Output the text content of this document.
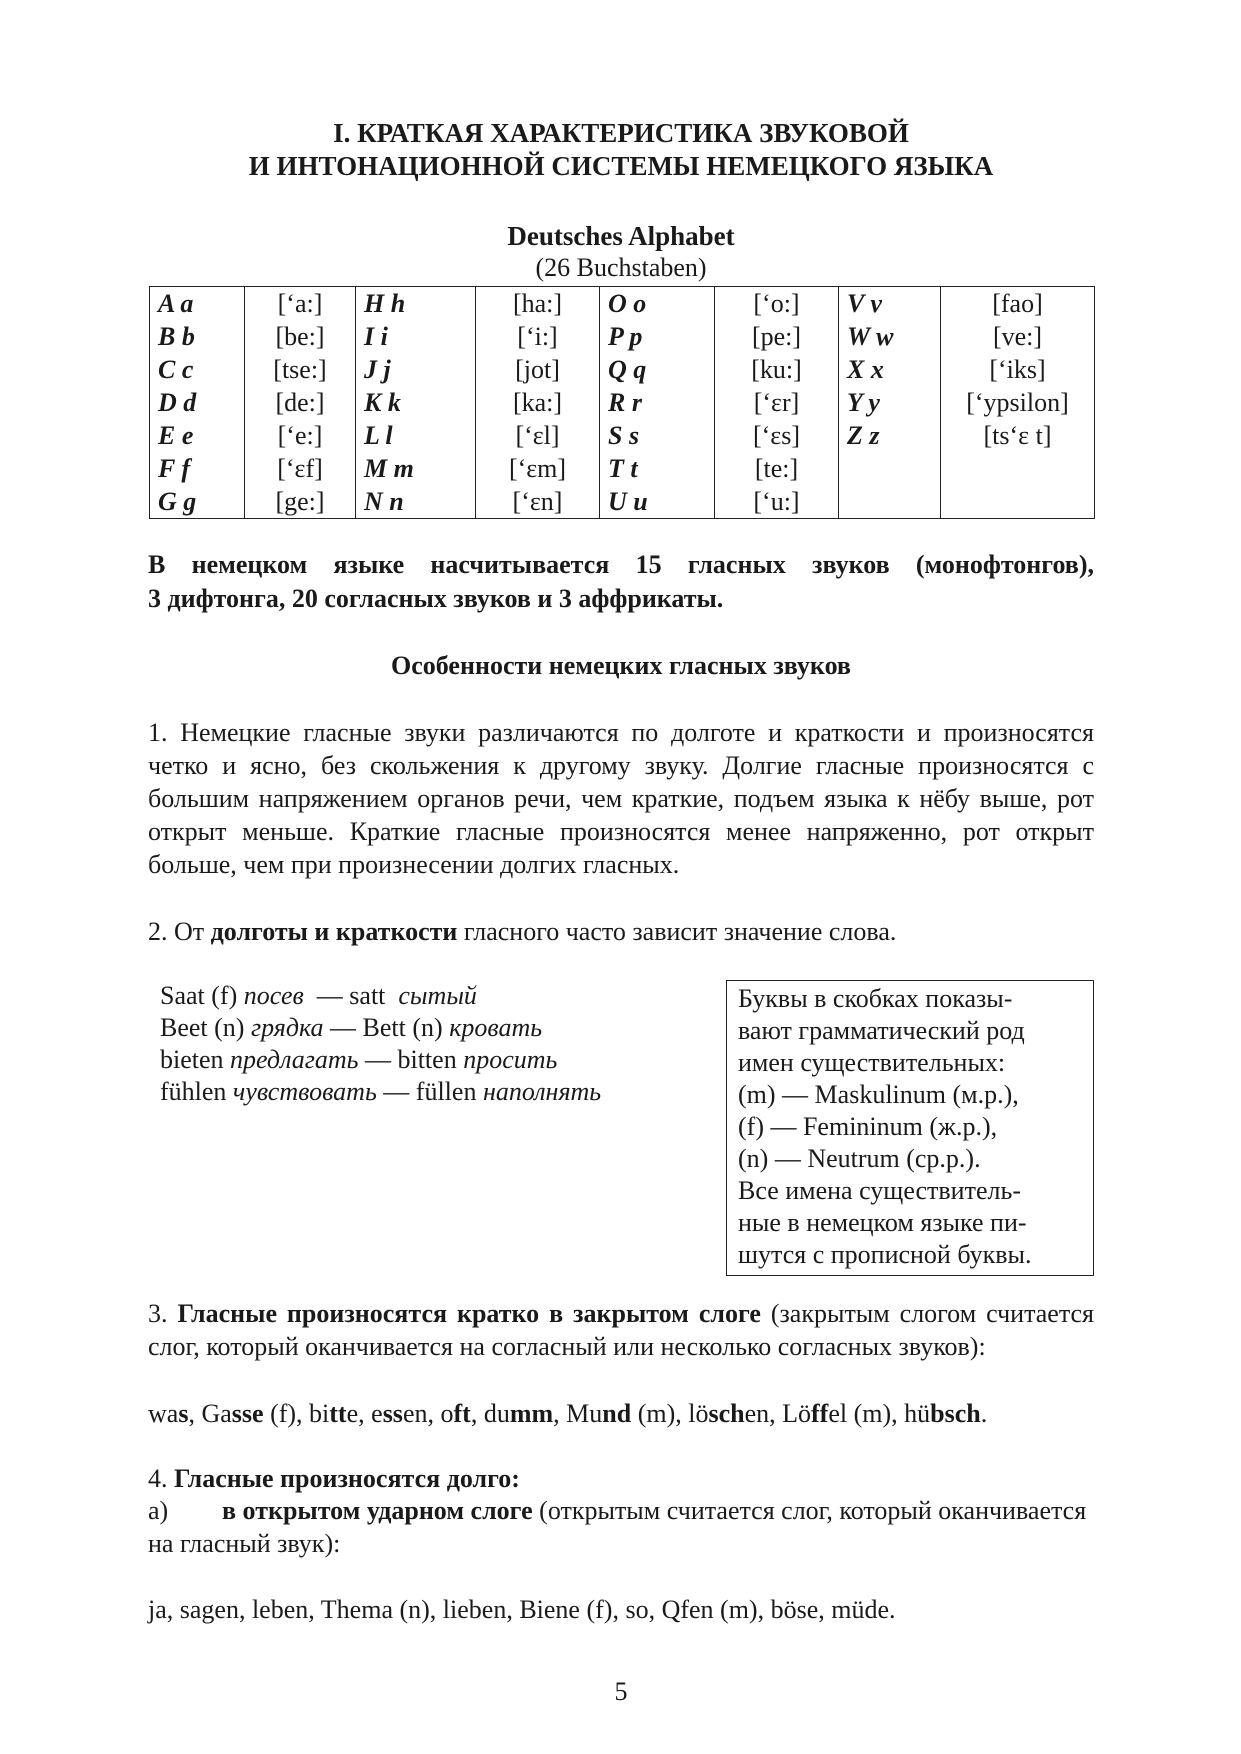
I. КРАТКАЯ ХАРАКТЕРИСТИКА ЗВУКОВОЙ
И ИНТОНАЦИОННОЙ СИСТЕМЫ НЕМЕЦКОГО ЯЗЫКА
Deutsches Alphabet
(26 Buchstaben)
A a	[‘a:]	H h	[ha:]	O o	[‘o:]	V v	[fao]
B b	[be:]	I i	[‘i:]	P p	[pe:]	W w	[ve:]
C c	[tse:]	J j	[jot]	Q q	[ku:]	X x	[‘iks]
D d	[de:]	K k	[ka:]	R r	[‘ɛr]	Y y	[‘ypsilon]
E e	[‘e:]	L l	[‘ɛl]	S s	[‘ɛs]	Z z	[ts‘ɛ t]
F f	[‘ɛf]	M m	[‘ɛm]	T t	[te:]		
G g	[ge:]	N n	[‘ɛn]	U u	[‘u:]		
В немецком языке насчитывается 15 гласных звуков (монофтонгов),
3 дифтонга, 20 согласных звуков и 3 аффрикаты.
Особенности немецких гласных звуков
1. Немецкие гласные звуки различаются по долготе и краткости и произносятся четко и ясно, без скольжения к другому звуку. Долгие гласные произносятся с большим напряжением органов речи, чем краткие, подъем языка к нёбу выше, рот открыт меньше. Краткие гласные произносятся менее напряженно, рот открыт больше, чем при произнесении долгих гласных.
2. От долготы и краткости гласного часто зависит значение слова.
Saat (f) посев  — satt  сытый
Beet (n) грядка — Bett (n) кровать
bieten предлагать — bitten просить
fühlen чувствовать — füllen наполнять
Буквы в скобках показы-
вают грамматический род
имен существительных:
(m) — Maskulinum (м.р.),
(f) — Femininum (ж.р.),
(n) — Neutrum (ср.р.).
Все имена существитель-
ные в немецком языке пи-
шутся с прописной буквы.
3. Гласные произносятся кратко в закрытом слоге (закрытым слогом считается слог, который оканчивается на согласный или несколько согласных звуков):
was, Gasse (f), bitte, essen, oft, dumm, Mund (m), löschen, Löffel (m), hübsch.
4. Гласные произносятся долго:
а) в открытом ударном слоге (открытым считается слог, который оканчивается на гласный звук):
ja, sagen, leben, Thema (n), lieben, Biene (f), so, Qfen (m), böse, müde.
5
